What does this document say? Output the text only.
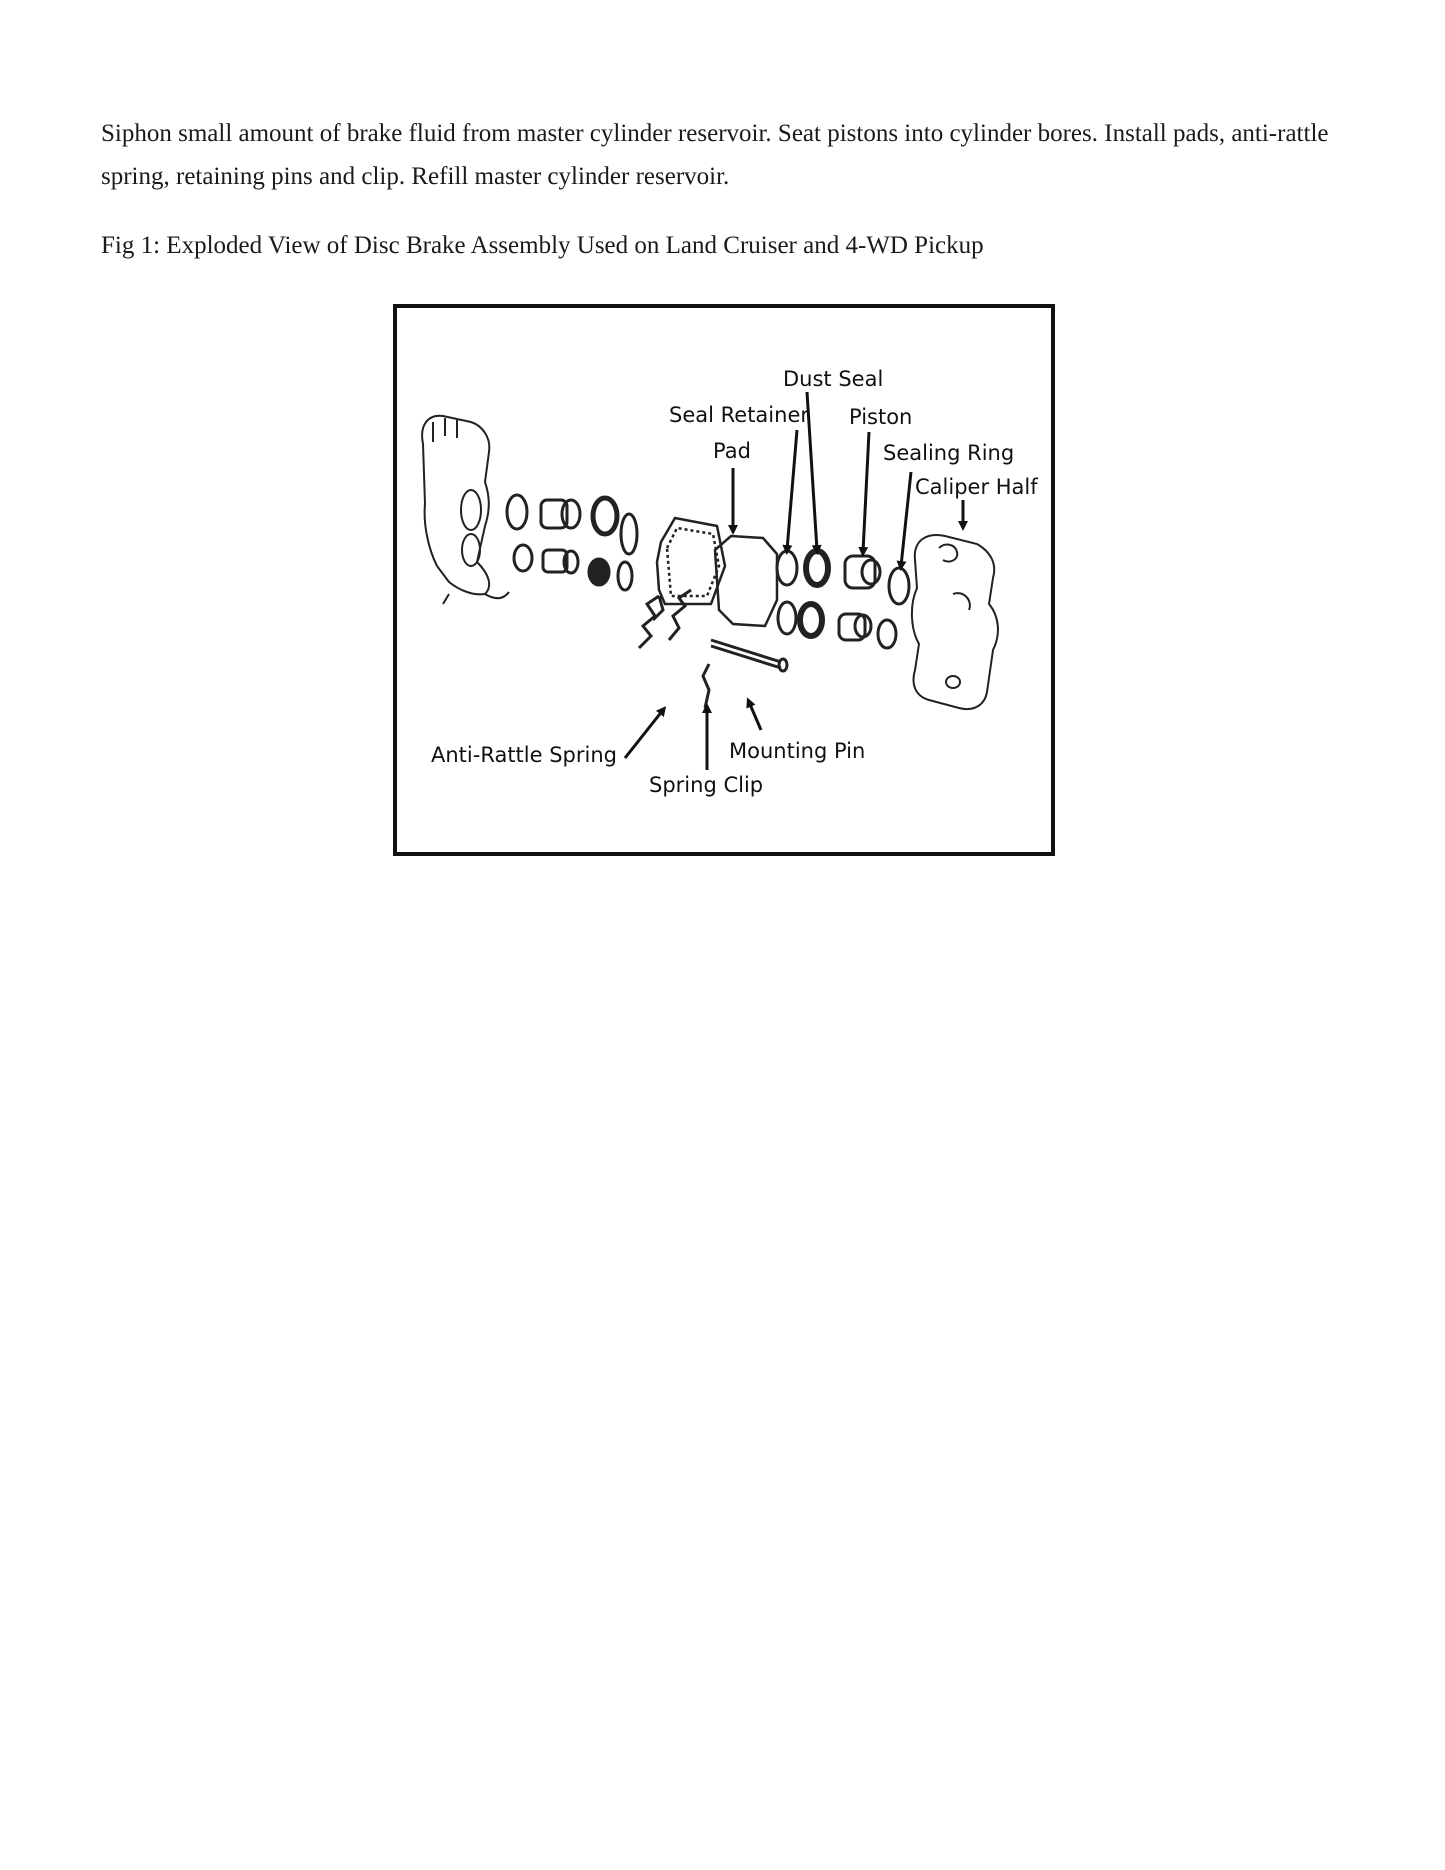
Siphon small amount of brake fluid from master cylinder reservoir. Seat pistons into cylinder bores. Install pads, anti-rattle spring, retaining pins and clip. Refill master cylinder reservoir.

Fig 1: Exploded View of Disc Brake Assembly Used on Land Cruiser and 4-WD Pickup

Dust Seal
Seal Retainer Piston
Pad	Sealing Ring
Caliper Half
Anti-Rattle Spring	Mounting Pin
Spring Clip
